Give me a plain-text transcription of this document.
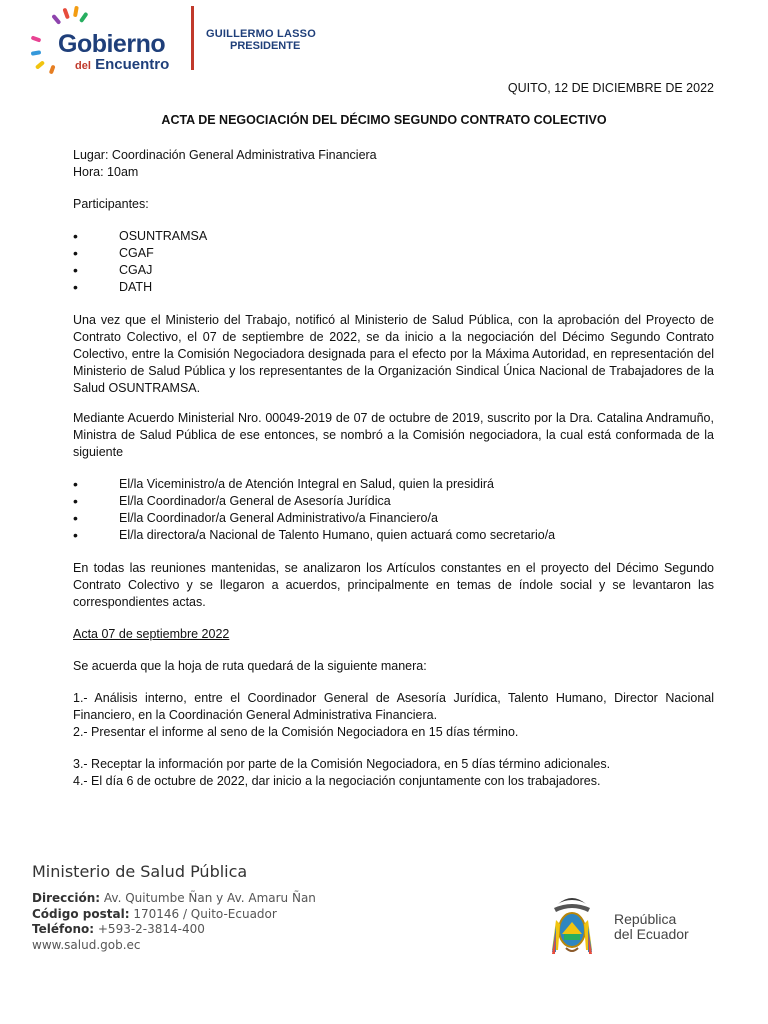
Gobierno
del Encuentro
GUILLERMO LASSO
PRESIDENTE
QUITO, 12 DE DICIEMBRE DE 2022
ACTA DE NEGOCIACIÓN DEL DÉCIMO SEGUNDO CONTRATO COLECTIVO
Lugar: Coordinación General Administrativa Financiera
Hora: 10am
Participantes:
• OSUNTRAMSA
• CGAF
• CGAJ
• DATH
Una vez que el Ministerio del Trabajo, notificó al Ministerio de Salud Pública, con la aprobación del Proyecto de Contrato Colectivo, el 07 de septiembre de 2022, se da inicio a la negociación del Décimo Segundo Contrato Colectivo, entre la Comisión Negociadora designada para el efecto por la Máxima Autoridad, en representación del Ministerio de Salud Pública y los representantes de la Organización Sindical Única Nacional de Trabajadores de la Salud OSUNTRAMSA.
Mediante Acuerdo Ministerial Nro. 00049-2019 de 07 de octubre de 2019, suscrito por la Dra. Catalina Andramuño, Ministra de Salud Pública de ese entonces, se nombró a la Comisión negociadora, la cual está conformada de la siguiente
• El/la Viceministro/a de Atención Integral en Salud, quien la presidirá
• El/la Coordinador/a General de Asesoría Jurídica
• El/la Coordinador/a General Administrativo/a Financiero/a
• El/la directora/a Nacional de Talento Humano, quien actuará como secretario/a
En todas las reuniones mantenidas, se analizaron los Artículos constantes en el proyecto del Décimo Segundo Contrato Colectivo y se llegaron a acuerdos, principalmente en temas de índole social y se levantaron las correspondientes actas.
Acta 07 de septiembre 2022
Se acuerda que la hoja de ruta quedará de la siguiente manera:
1.- Análisis interno, entre el Coordinador General de Asesoría Jurídica, Talento Humano, Director Nacional Financiero, en la Coordinación General Administrativa Financiera.
2.- Presentar el informe al seno de la Comisión Negociadora en 15 días término.
3.- Receptar la información por parte de la Comisión Negociadora, en 5 días término adicionales.
4.- El día 6 de octubre de 2022, dar inicio a la negociación conjuntamente con los trabajadores.
Ministerio de Salud Pública
Dirección: Av. Quitumbe Ñan y Av. Amaru Ñan
Código postal: 170146 / Quito-Ecuador
Teléfono: +593-2-3814-400
www.salud.gob.ec
República
del Ecuador
